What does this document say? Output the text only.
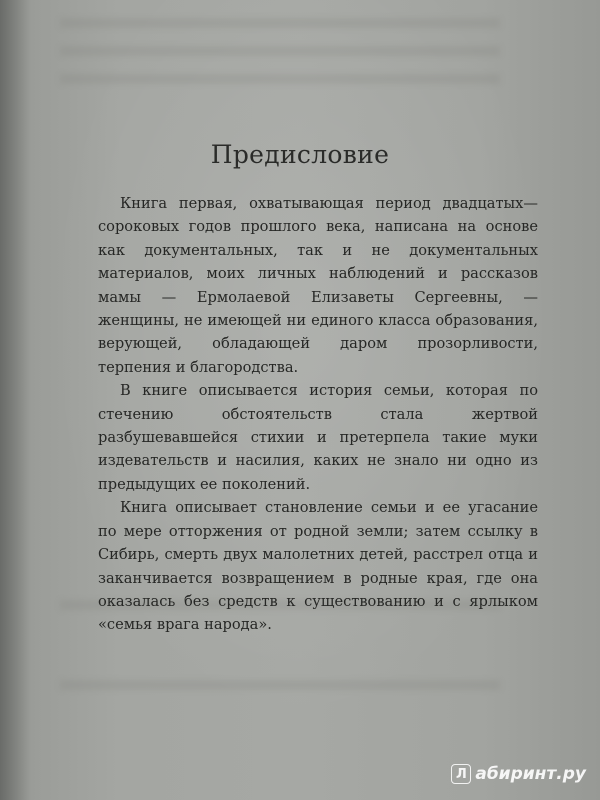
Предисловие

Книга первая, охватывающая период двадцатых—сороковых годов прошлого века, написана на основе как документальных, так и не документальных материалов, моих личных наблюдений и рассказов мамы — Ермолаевой Елизаветы Сергеевны, — женщины, не имеющей ни единого класса образования, верующей, обладающей даром прозорливости, терпения и благородства.

В книге описывается история семьи, которая по стечению обстоятельств стала жертвой разбушевавшейся стихии и претерпела такие муки издевательств и насилия, каких не знало ни одно из предыдущих ее поколений.

Книга описывает становление семьи и ее угасание по мере отторжения от родной земли; затем ссылку в Сибирь, смерть двух малолетних детей, расстрел отца и заканчивается возвращением в родные края, где она оказалась без средств к существованию и с ярлыком «семья врага народа».

Л абиринт.ру
